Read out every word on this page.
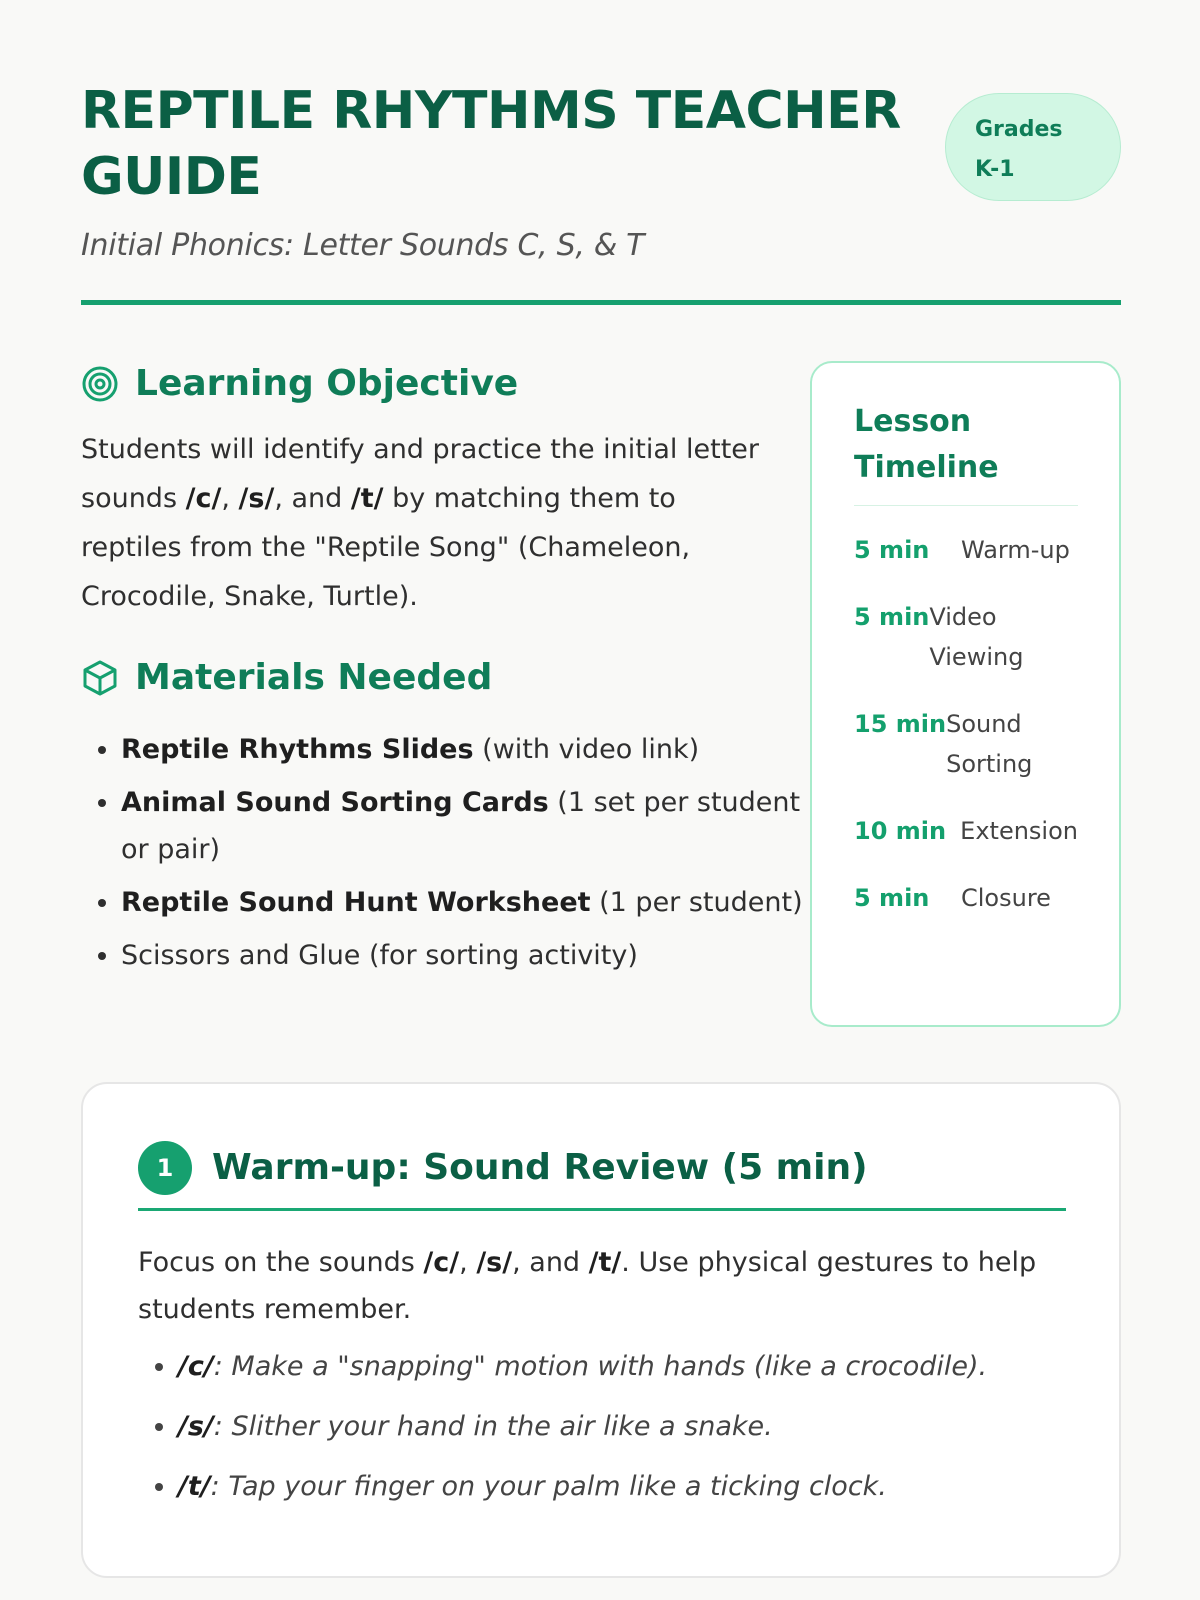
REPTILE RHYTHMS TEACHER GUIDE
Grades
K-1
Initial Phonics: Letter Sounds C, S, & T
Learning Objective

Students will identify and practice the initial letter sounds /c/, /s/, and /t/ by matching them to reptiles from the "Reptile Song" (Chameleon, Crocodile, Snake, Turtle).

Materials Needed
• Reptile Rhythms Slides (with video link)
• Animal Sound Sorting Cards (1 set per student or pair)
• Reptile Sound Hunt Worksheet (1 per student)
• Scissors and Glue (for sorting activity)
Lesson Timeline
5 min	Warm-up
5 min Video Viewing
15 min Sound Sorting
10 min Extension
5 min	Closure
1	Warm-up: Sound Review (5 min)

Focus on the sounds /c/, /s/, and /t/. Use physical gestures to help students remember.

• /c/: Make a "snapping" motion with hands (like a crocodile).
• /s/: Slither your hand in the air like a snake.
• /t/: Tap your finger on your palm like a ticking clock.
